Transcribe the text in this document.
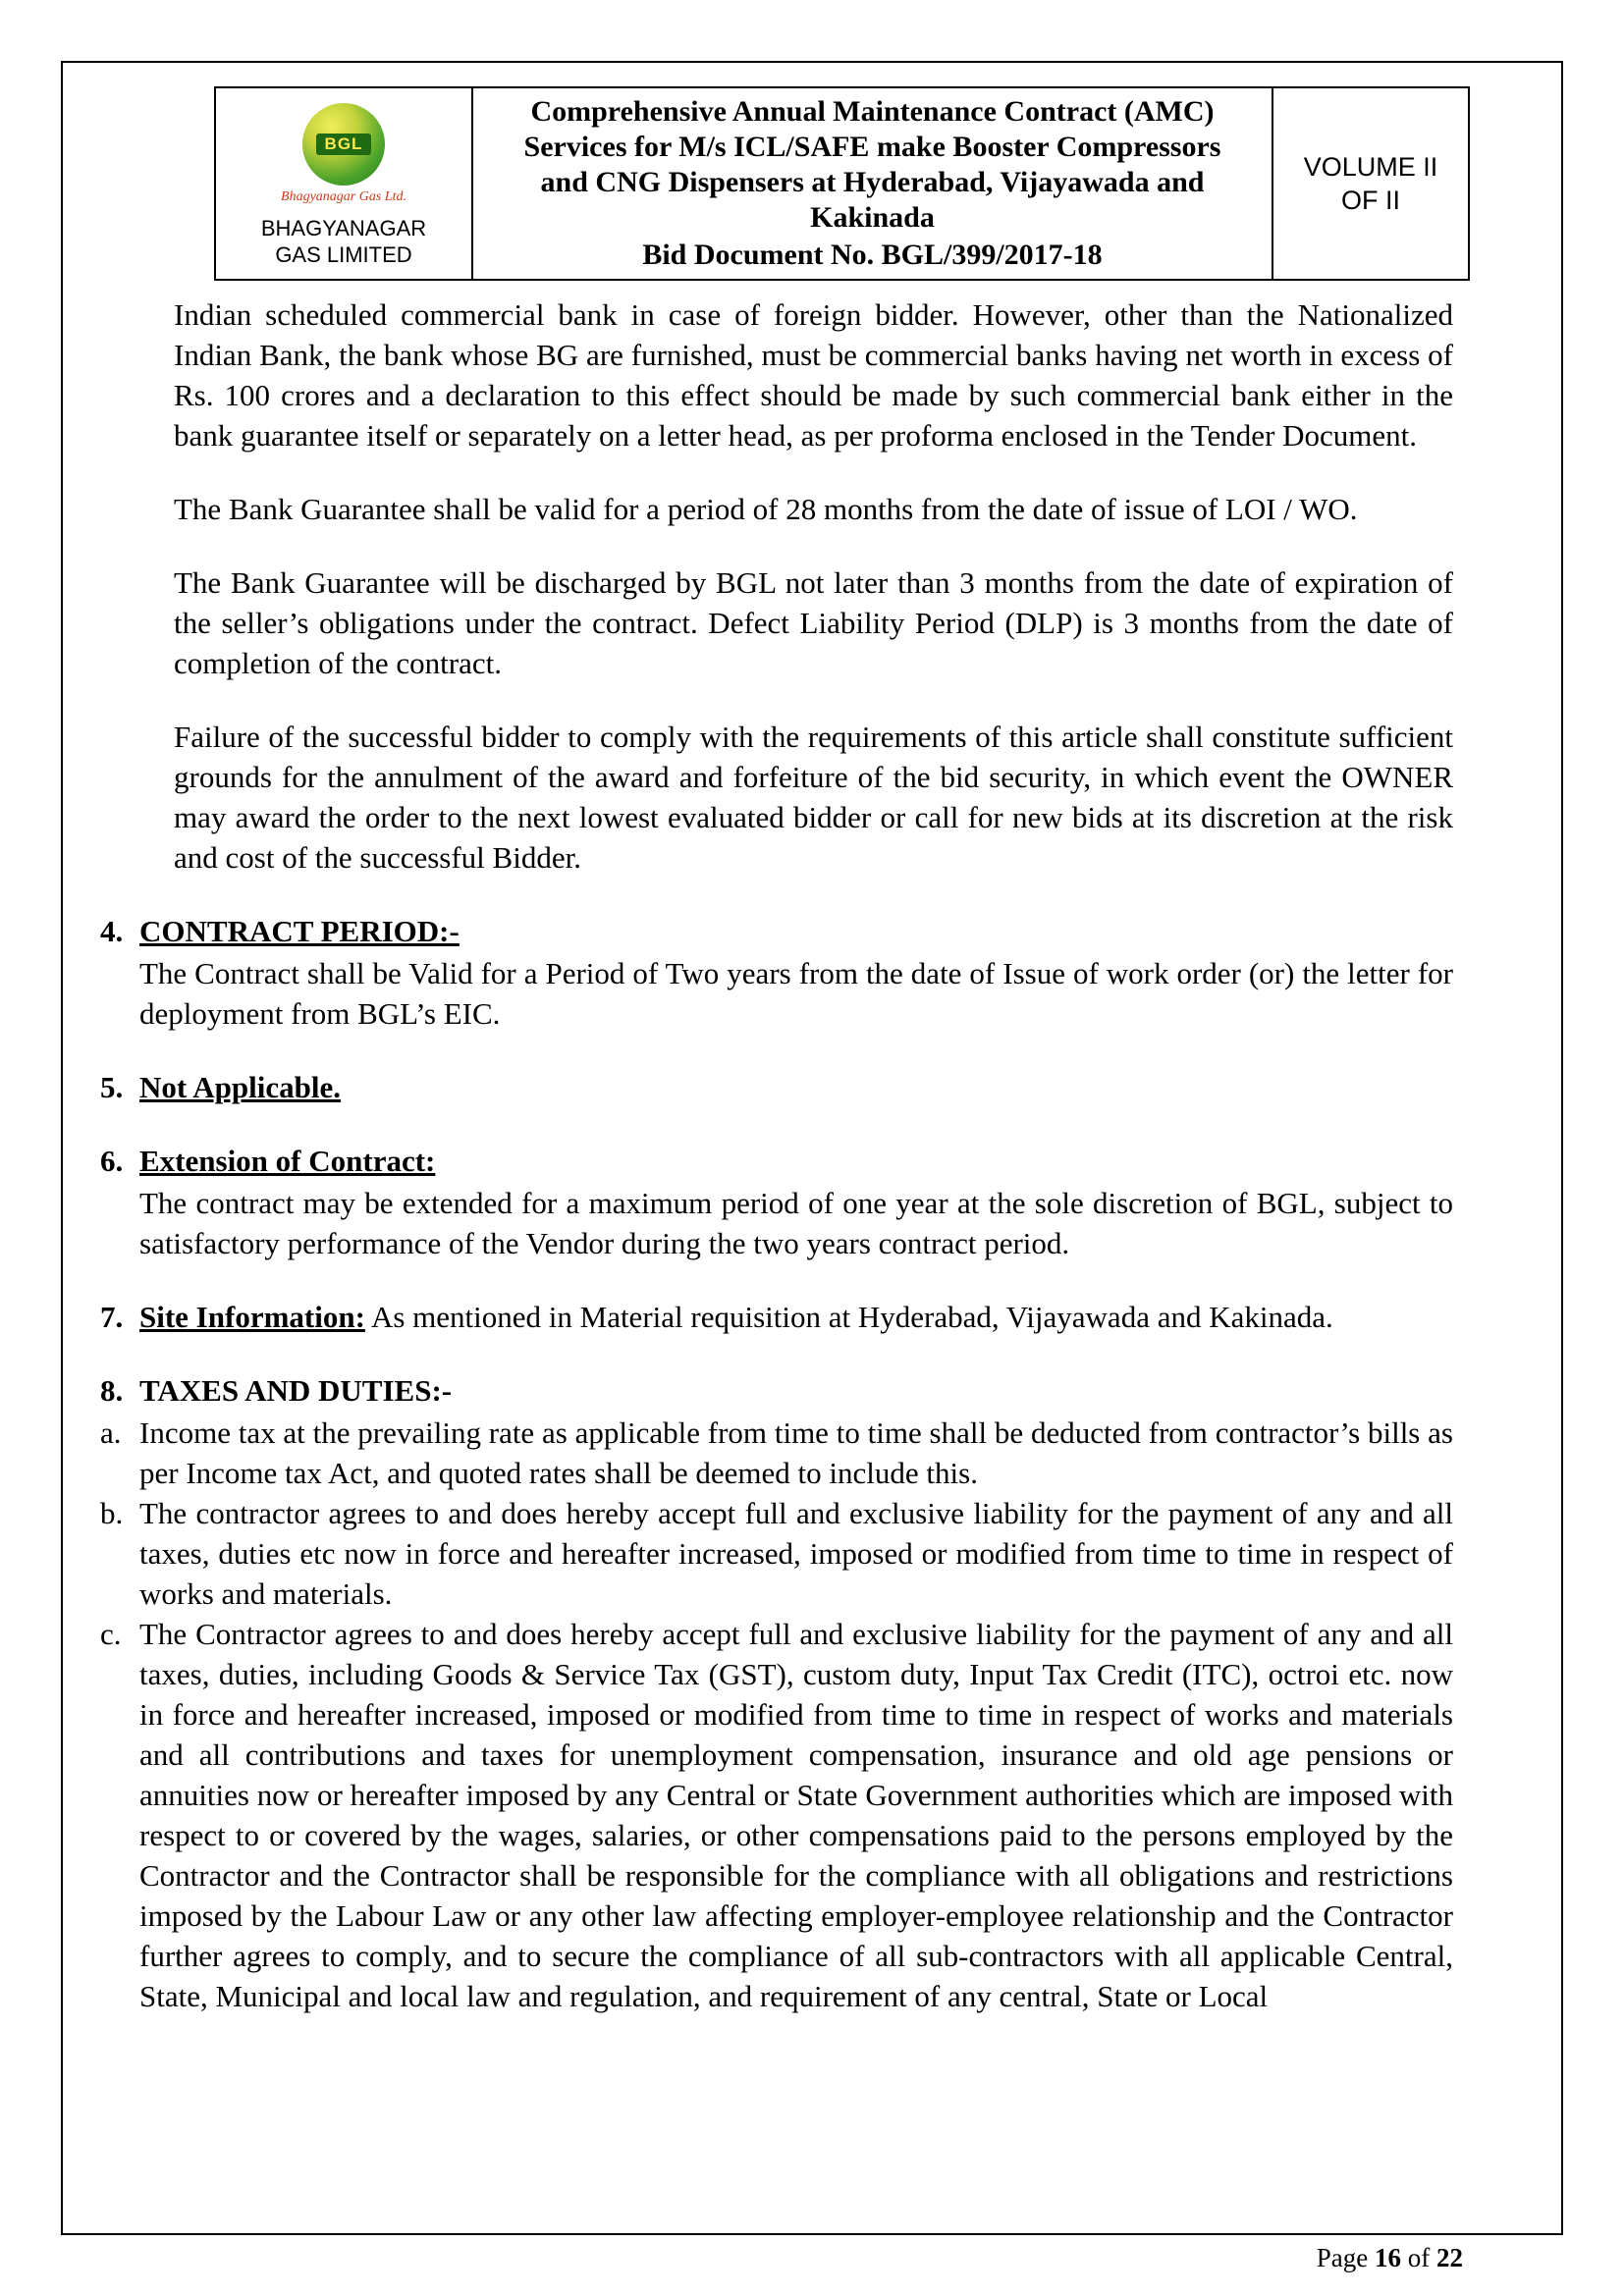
BGL
Bhagyanagar Gas Ltd.
BHAGYANAGAR GAS LIMITED

Comprehensive Annual Maintenance Contract (AMC) Services for M/s ICL/SAFE make Booster Compressors and CNG Dispensers at Hyderabad, Vijayawada and Kakinada
Bid Document No. BGL/399/2017-18

VOLUME II
OF II

Indian scheduled commercial bank in case of foreign bidder. However, other than the Nationalized Indian Bank, the bank whose BG are furnished, must be commercial banks having net worth in excess of Rs. 100 crores and a declaration to this effect should be made by such commercial bank either in the bank guarantee itself or separately on a letter head, as per proforma enclosed in the Tender Document.

The Bank Guarantee shall be valid for a period of 28 months from the date of issue of LOI / WO.

The Bank Guarantee will be discharged by BGL not later than 3 months from the date of expiration of the seller’s obligations under the contract. Defect Liability Period (DLP) is 3 months from the date of completion of the contract.

Failure of the successful bidder to comply with the requirements of this article shall constitute sufficient grounds for the annulment of the award and forfeiture of the bid security, in which event the OWNER may award the order to the next lowest evaluated bidder or call for new bids at its discretion at the risk and cost of the successful Bidder.

4. CONTRACT PERIOD:-

The Contract shall be Valid for a Period of Two years from the date of Issue of work order (or) the letter for deployment from BGL’s EIC.

5. Not Applicable.
6. Extension of Contract:

The contract may be extended for a maximum period of one year at the sole discretion of BGL, subject to satisfactory performance of the Vendor during the two years contract period.

7. Site Information: As mentioned in Material requisition at Hyderabad, Vijayawada and Kakinada.

8. TAXES AND DUTIES:-
a. Income tax at the prevailing rate as applicable from time to time shall be deducted from contractor’s bills as per Income tax Act, and quoted rates shall be deemed to include this.

b. The contractor agrees to and does hereby accept full and exclusive liability for the payment of any and all taxes, duties etc now in force and hereafter increased, imposed or modified from time to time in respect of works and materials.

c. The Contractor agrees to and does hereby accept full and exclusive liability for the payment of any and all taxes, duties, including Goods & Service Tax (GST), custom duty, Input Tax Credit (ITC), octroi etc. now in force and hereafter increased, imposed or modified from time to time in respect of works and materials and all contributions and taxes for unemployment compensation, insurance and old age pensions or annuities now or hereafter imposed by any Central or State Government authorities which are imposed with respect to or covered by the wages, salaries, or other compensations paid to the persons employed by the Contractor and the Contractor shall be responsible for the compliance with all obligations and restrictions imposed by the Labour Law or any other law affecting employer-employee relationship and the Contractor further agrees to comply, and to secure the compliance of all sub-contractors with all applicable Central, State, Municipal and local law and regulation, and requirement of any central, State or Local

Page 16 of 22
